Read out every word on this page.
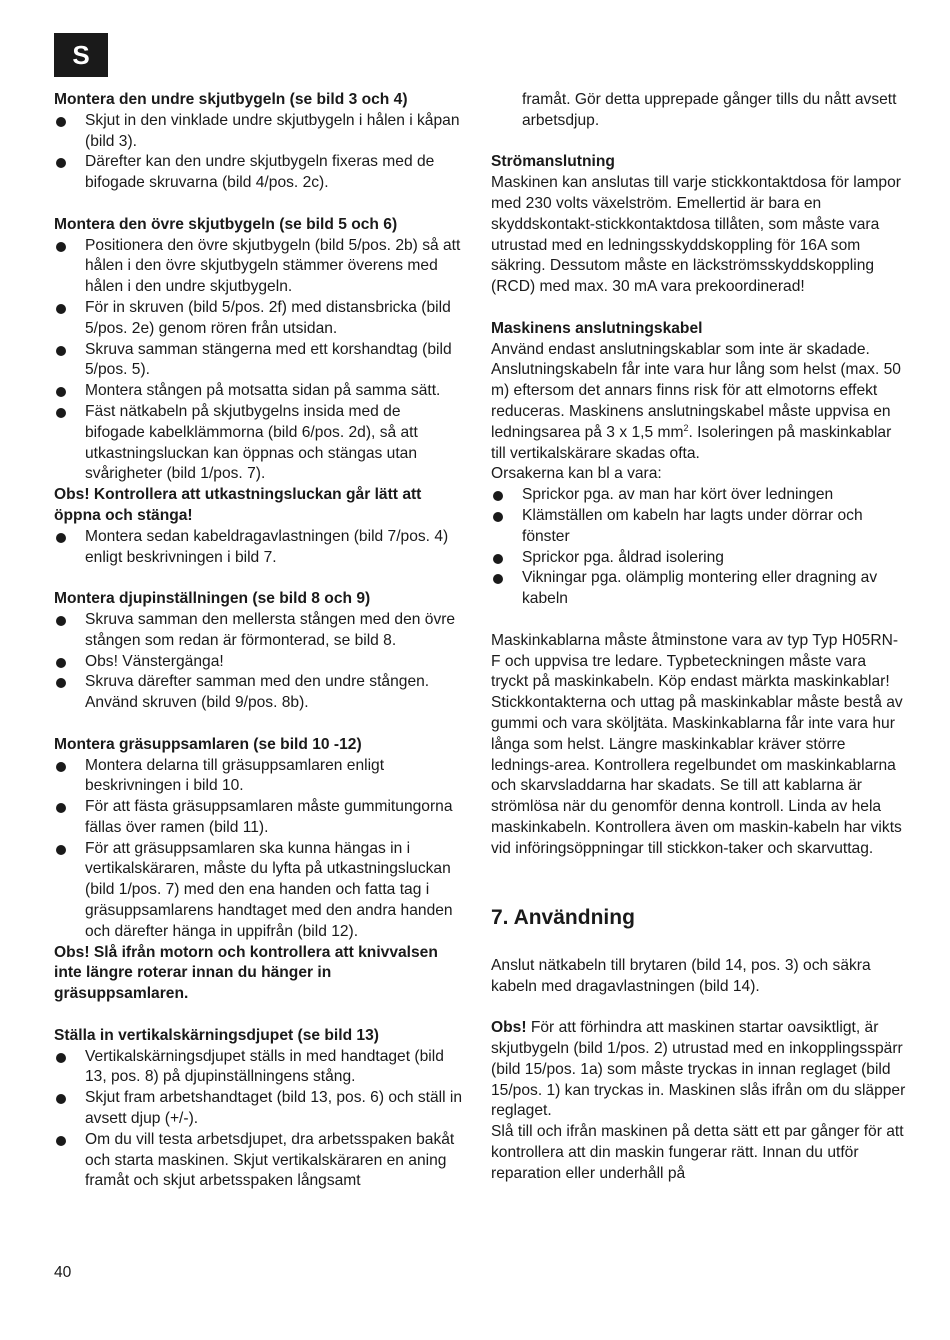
S
Montera den undre skjutbygeln (se bild 3 och 4)
Skjut in den vinklade undre skjutbygeln i hålen i kåpan (bild 3).
Därefter kan den undre skjutbygeln fixeras med de bifogade skruvarna (bild 4/pos. 2c).
Montera den övre skjutbygeln (se bild 5 och 6)
Positionera den övre skjutbygeln (bild 5/pos. 2b) så att hålen i den övre skjutbygeln stämmer överens med hålen i den undre skjutbygeln.
För in skruven (bild 5/pos. 2f) med distansbricka (bild 5/pos. 2e) genom rören från utsidan.
Skruva samman stängerna med ett korshandtag (bild 5/pos. 5).
Montera stången på motsatta sidan på samma sätt.
Fäst nätkabeln på skjutbygelns insida med de bifogade kabelklämmorna (bild 6/pos. 2d), så att utkastningsluckan kan öppnas och stängas utan svårigheter (bild 1/pos. 7).
Obs! Kontrollera att utkastningsluckan går lätt att öppna och stänga!
Montera sedan kabeldragavlastningen (bild 7/pos. 4) enligt beskrivningen i bild 7.
Montera djupinställningen (se bild 8 och 9)
Skruva samman den mellersta stången med den övre stången som redan är förmonterad, se bild 8.
Obs! Vänstergänga!
Skruva därefter samman med den undre stången. Använd skruven (bild 9/pos. 8b).
Montera gräsuppsamlaren (se bild 10 -12)
Montera delarna till gräsuppsamlaren enligt beskrivningen i bild 10.
För att fästa gräsuppsamlaren måste gummitungorna fällas över ramen (bild 11).
För att gräsuppsamlaren ska kunna hängas in i vertikalskäraren, måste du lyfta på utkastningsluckan (bild 1/pos. 7) med den ena handen och fatta tag i gräsuppsamlarens handtaget med den andra handen och därefter hänga in uppifrån (bild 12).
Obs! Slå ifrån motorn och kontrollera att knivvalsen inte längre roterar innan du hänger in gräsuppsamlaren.
Ställa in vertikalskärningsdjupet (se bild 13)
Vertikalskärningsdjupet ställs in med handtaget (bild 13, pos. 8) på djupinställningens stång.
Skjut fram arbetshandtaget (bild 13, pos. 6) och ställ in avsett djup (+/-).
Om du vill testa arbetsdjupet, dra arbetsspaken bakåt och starta maskinen. Skjut vertikalskäraren en aning framåt och skjut arbetsspaken långsamt
framåt. Gör detta upprepade gånger tills du nått avsett arbetsdjup.
Strömanslutning
Maskinen kan anslutas till varje stickkontaktdosa för lampor med 230 volts växelström. Emellertid är bara en skyddskontakt-stickkontaktdosa tillåten, som måste vara utrustad med en ledningsskyddskoppling för 16A som säkring. Dessutom måste en läckströmsskyddskoppling (RCD) med max. 30 mA vara prekoordinerad!
Maskinens anslutningskabel
Använd endast anslutningskablar som inte är skadade. Anslutningskabeln får inte vara hur lång som helst (max. 50 m) eftersom det annars finns risk för att elmotorns effekt reduceras. Maskinens anslutningskabel måste uppvisa en ledningsarea på 3 x 1,5 $mm^2$. Isoleringen på maskinkablar till vertikalskärare skadas ofta.
Orsakerna kan bl a vara:
Sprickor pga. av man har kört över ledningen
Klämställen om kabeln har lagts under dörrar och fönster
Sprickor pga. åldrad isolering
Vikningar pga. olämplig montering eller dragning av kabeln
Maskinkablarna måste åtminstone vara av typ Typ H05RN-F och uppvisa tre ledare. Typbeteckningen måste vara tryckt på maskinkabeln. Köp endast märkta maskinkablar! Stickkontakterna och uttag på maskinkablar måste bestå av gummi och vara sköljtäta. Maskinkablarna får inte vara hur långa som helst. Längre maskinkablar kräver större lednings-area. Kontrollera regelbundet om maskinkablarna och skarvsladdarna har skadats. Se till att kablarna är strömlösa när du genomför denna kontroll. Linda av hela maskinkabeln. Kontrollera även om maskin-kabeln har vikts vid införingsöppningar till stickkon-taker och skarvuttag.
7. Användning
Anslut nätkabeln till brytaren (bild 14, pos. 3) och säkra kabeln med dragavlastningen (bild 14).
Obs! För att förhindra att maskinen startar oavsiktligt, är skjutbygeln (bild 1/pos. 2) utrustad med en inkopplingsspärr (bild 15/pos. 1a) som måste tryckas in innan reglaget (bild 15/pos. 1) kan tryckas in. Maskinen slås ifrån om du släpper reglaget.
Slå till och ifrån maskinen på detta sätt ett par gånger för att kontrollera att din maskin fungerar rätt. Innan du utför reparation eller underhåll på
40
